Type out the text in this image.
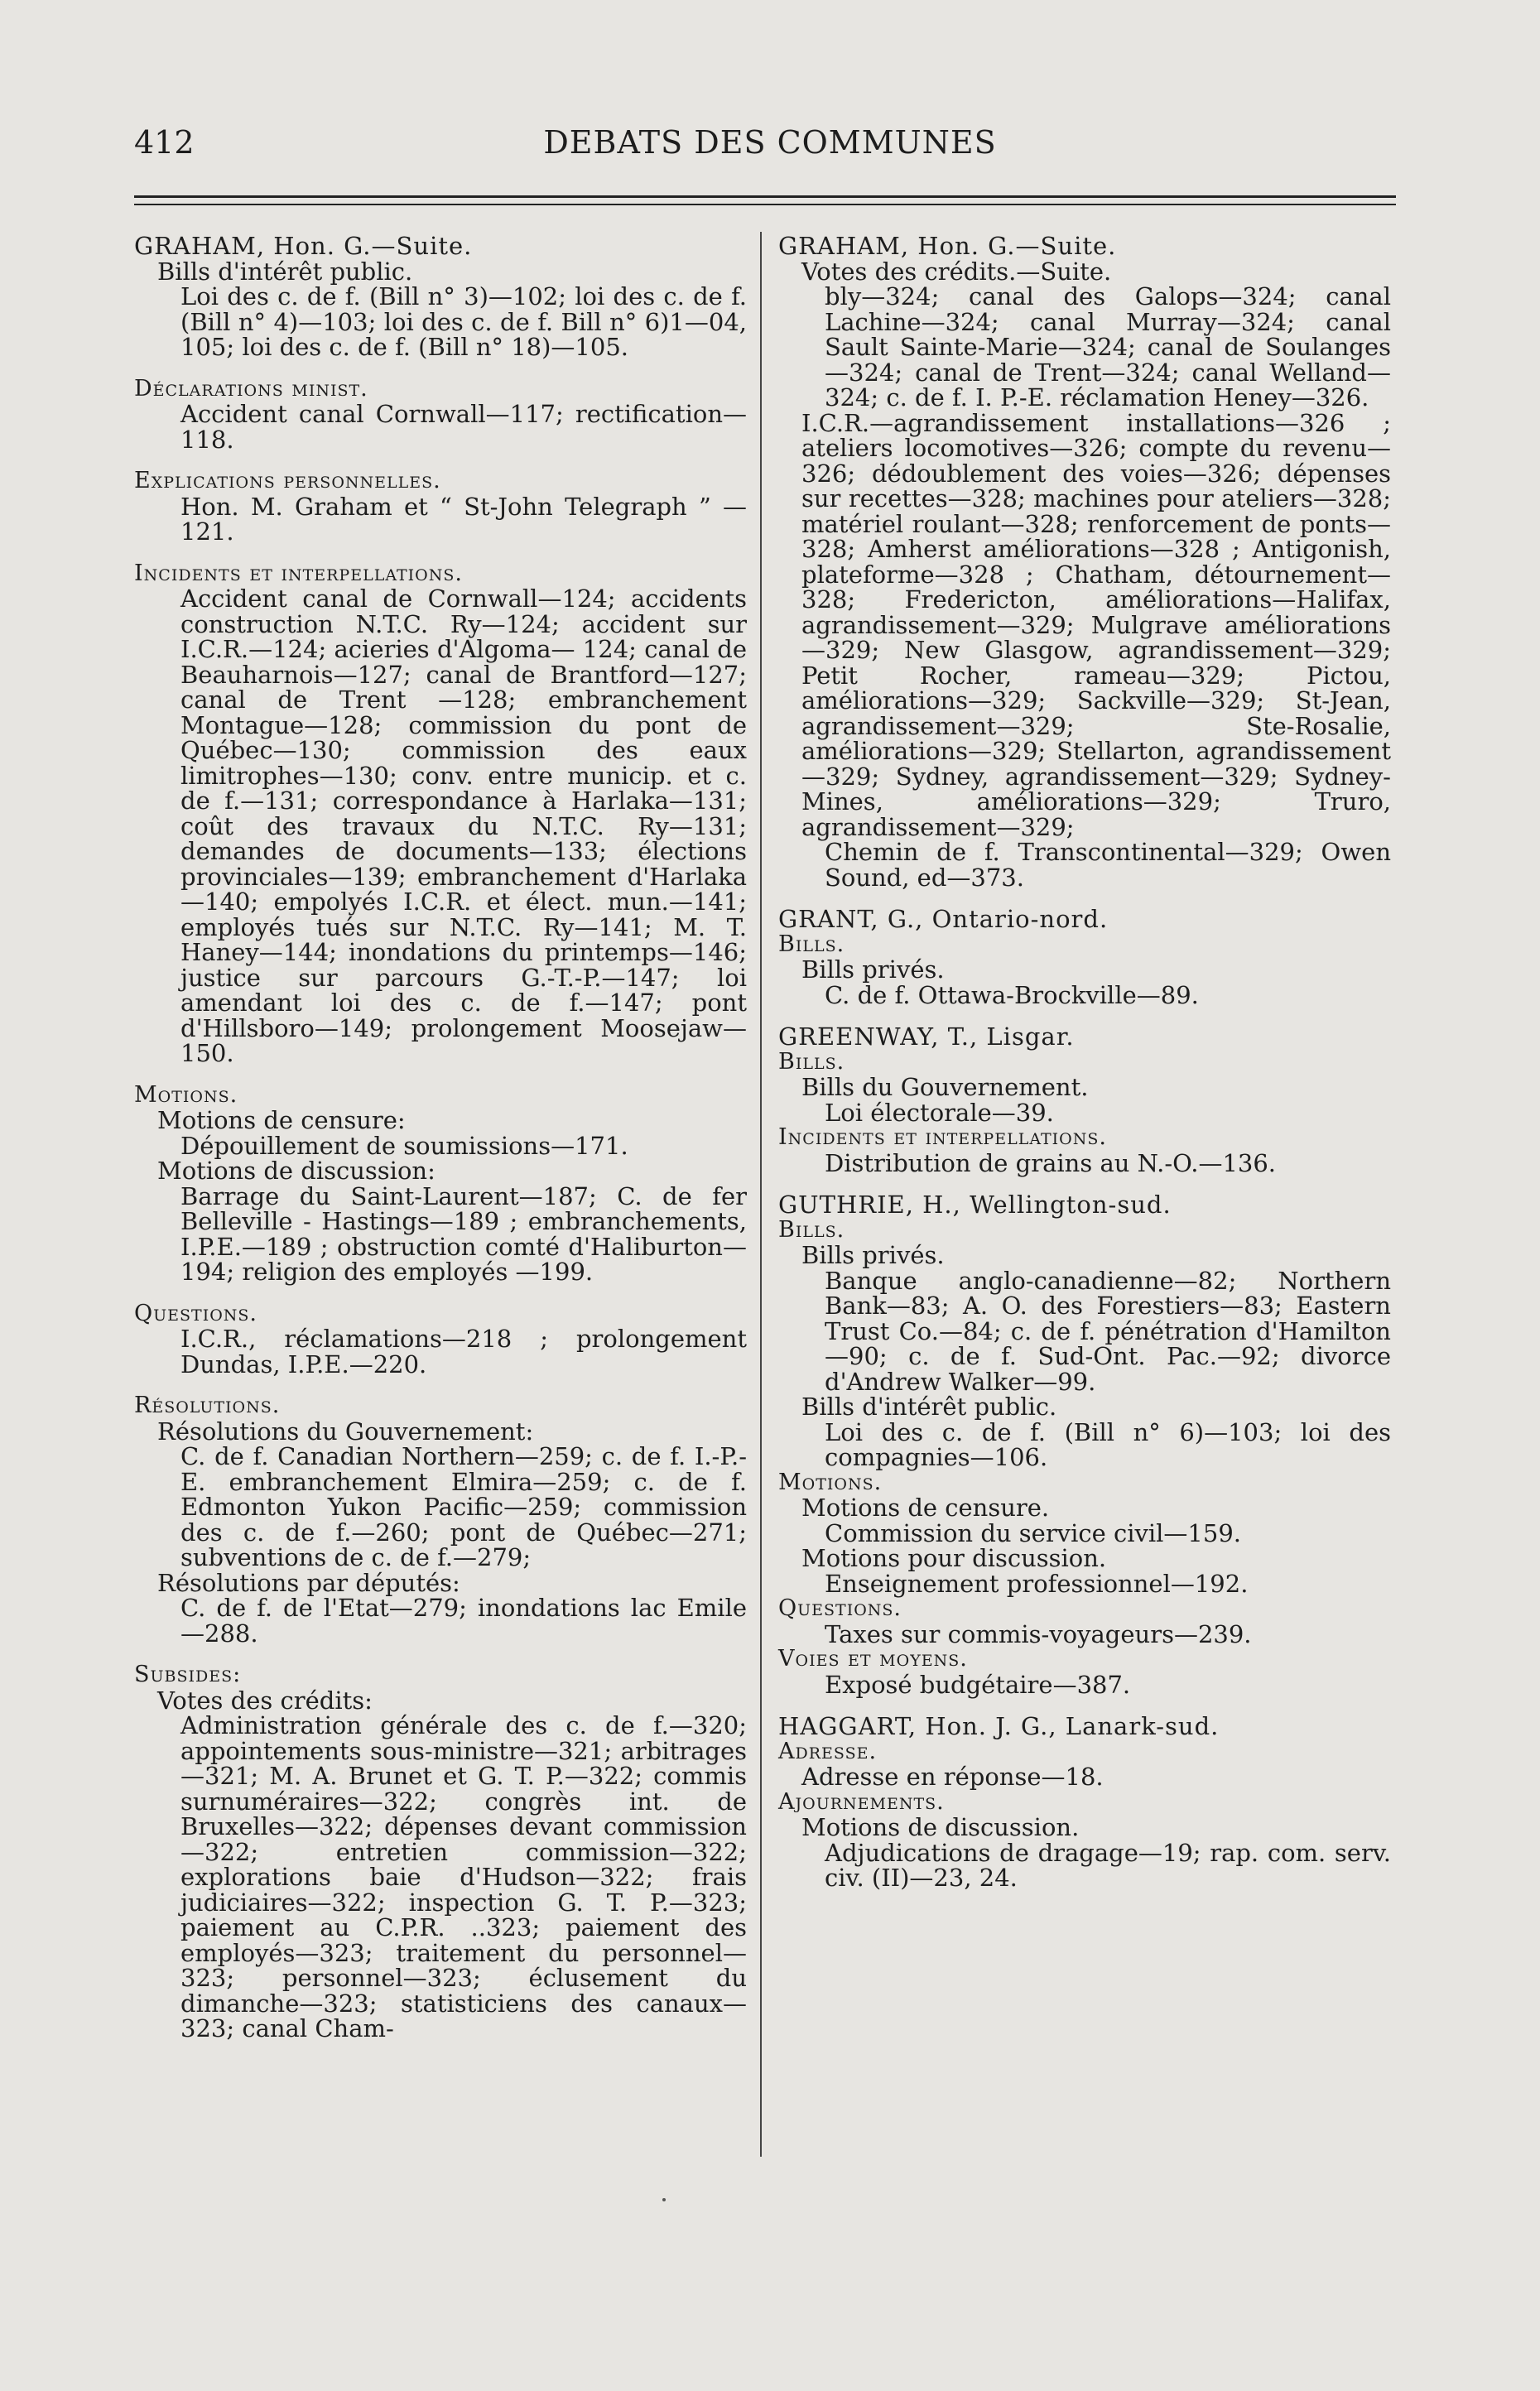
412	DEBATS DES COMMUNES

GRAHAM, Hon. G.—Suite.

Bills d'intérêt public.

Loi des c. de f. (Bill n° 3)—102; loi des c. de f. (Bill n° 4)—103; loi des c. de f. Bill n° 6)1—04, 105; loi des c. de f. (Bill n° 18)—105.

Déclarations minist.

Accident canal Cornwall—117; rectification—118.

Explications personnelles.

Hon. M. Graham et “ St-John Telegraph ” —121.

Incidents et interpellations.

Accident canal de Cornwall—124; accidents construction N.T.C. Ry—124; accident sur I.C.R.—124; acieries d'Algoma— 124; canal de Beauharnois—127; canal de Brantford—127; canal de Trent —128; embranchement Montague—128; commission du pont de Québec—130; commission des eaux limitrophes—130; conv. entre municip. et c. de f.—131; correspondance à Harlaka—131; coût des travaux du N.T.C. Ry—131; demandes de documents—133; élections provinciales—139; embranchement d'Harlaka—140; empolyés I.C.R. et élect. mun.—141; employés tués sur N.T.C. Ry—141; M. T. Haney—144; inondations du printemps—146; justice sur parcours G.-T.-P.—147; loi amendant loi des c. de f.—147; pont d'Hillsboro—149; prolongement Moosejaw—150.

Motions.

Motions de censure:

Dépouillement de soumissions—171.

Motions de discussion:

Barrage du Saint-Laurent—187; C. de fer Belleville - Hastings—189 ; embranchements, I.P.E.—189 ; obstruction comté d'Haliburton—194; religion des employés —199.

Questions.

I.C.R., réclamations—218 ; prolongement Dundas, I.P.E.—220.

Résolutions.

Résolutions du Gouvernement:

C. de f. Canadian Northern—259; c. de f. I.-P.-E. embranchement Elmira—259; c. de f. Edmonton Yukon Pacific—259; commission des c. de f.—260; pont de Québec—271; subventions de c. de f.—279;

Résolutions par députés:

C. de f. de l'Etat—279; inondations lac Emile—288.

Subsides:

Votes des crédits:

Administration générale des c. de f.—320; appointements sous-ministre—321; arbitrages—321; M. A. Brunet et G. T. P.—322; commis surnuméraires—322; congrès int. de Bruxelles—322; dépenses devant commission—322; entretien commission—322; explorations baie d'Hudson—322; frais judiciaires—322; inspection G. T. P.—323; paiement au C.P.R. ..323; paiement des employés—323; traitement du personnel—323; personnel—323; éclusement du dimanche—323; statisticiens des canaux—323; canal Cham-

GRAHAM, Hon. G.—Suite.

Votes des crédits.—Suite.

bly—324; canal des Galops—324; canal Lachine—324; canal Murray—324; canal Sault Sainte-Marie—324; canal de Soulanges—324; canal de Trent—324; canal Welland—324; c. de f. I. P.-E. réclamation Heney—326.

I.C.R.—agrandissement installations—326 ; ateliers locomotives—326; compte du revenu—326; dédoublement des voies—326; dépenses sur recettes—328; machines pour ateliers—328; matériel roulant—328; renforcement de ponts—328; Amherst améliorations—328 ; Antigonish, plateforme—328 ; Chatham, détournement—328; Fredericton, améliorations—Halifax, agrandissement—329; Mulgrave améliorations—329; New Glasgow, agrandissement—329; Petit Rocher, rameau—329; Pictou, améliorations—329; Sackville—329; St-Jean, agrandissement—329; Ste-Rosalie, améliorations—329; Stellarton, agrandissement—329; Sydney, agrandissement—329; Sydney-Mines, améliorations—329; Truro, agrandissement—329;

Chemin de f. Transcontinental—329; Owen Sound, ed—373.

GRANT, G., Ontario-nord.

Bills.

Bills privés.

C. de f. Ottawa-Brockville—89.

GREENWAY, T., Lisgar.

Bills.

Bills du Gouvernement.

Loi électorale—39.

Incidents et interpellations.

Distribution de grains au N.-O.—136.

GUTHRIE, H., Wellington-sud.

Bills.

Bills privés.

Banque anglo-canadienne—82; Northern Bank—83; A. O. des Forestiers—83; Eastern Trust Co.—84; c. de f. pénétration d'Hamilton—90; c. de f. Sud-Ont. Pac.—92; divorce d'Andrew Walker—99.

Bills d'intérêt public.

Loi des c. de f. (Bill n° 6)—103; loi des compagnies—106.

Motions.

Motions de censure.

Commission du service civil—159.

Motions pour discussion.

Enseignement professionnel—192.

Questions.

Taxes sur commis-voyageurs—239.

Voies et moyens.

Exposé budgétaire—387.

HAGGART, Hon. J. G., Lanark-sud.

Adresse.

Adresse en réponse—18.

Ajournements.

Motions de discussion.

Adjudications de dragage—19; rap. com. serv. civ. (II)—23, 24.
